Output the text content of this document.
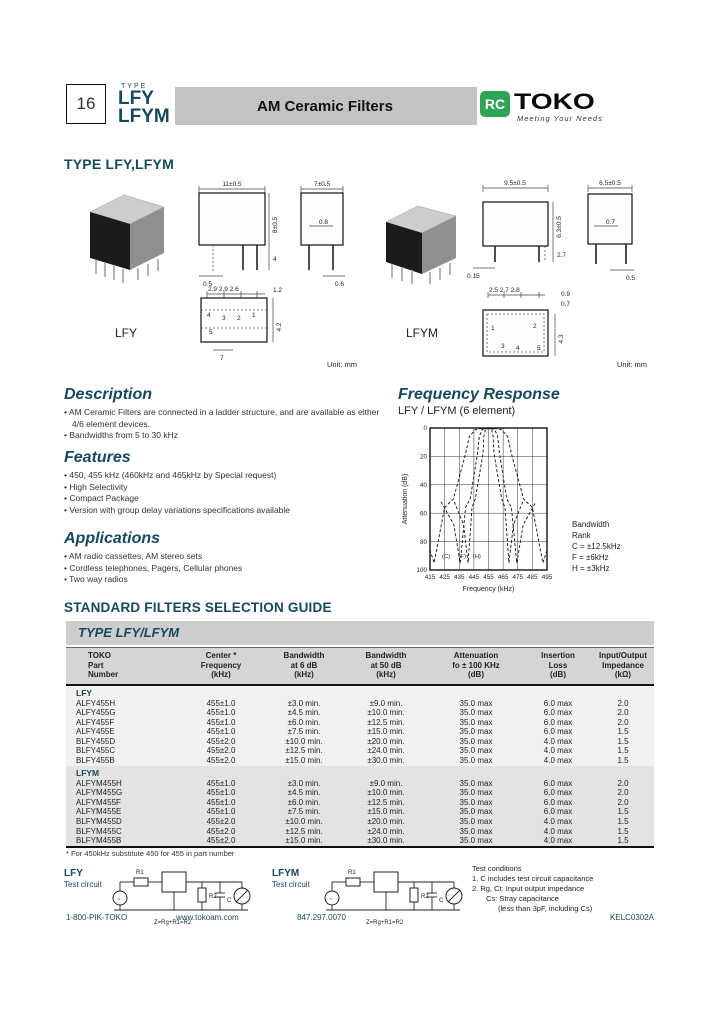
16
TYPE
LFY
LFYM	AM Ceramic Filters	RC TOKO
Meeting Your Needs
TYPE LFY,LFYM
LFY
11±0.5
8±0.5
4
0.5
7±0.5
0.8
0.6
2.9 2.9 2.6	1.2
4 3 2 1
5
4.2
7
Unit: mm
LFYM
9.5±0.5
6.3±0.5
2.7
0.15
6.5±0.5
0.7
0.5
2.5 2.7 2.8
0.9
0.7
1	2
3 4	5
4.3
Unit: mm
Description
• AM Ceramic Filters are connected in a ladder structure, and are available as either 4/6 element devices.
• Bandwidths from 5 to 30 kHz
Features
• 450, 455 kHz (460kHz and 465kHz by Special request)
• High Selectivity
• Compact Package
• Version with group delay variations specifications available
Applications
• AM radio cassettes, AM stereo sets
• Cordless telephones, Pagers, Cellular phones
• Two way radios
Frequency Response
LFY / LFYM (6 element)
415 425 435 445 455 465 475 485 495
0
20
40
60
80
100
(C) (F) (H)
Frequency (kHz)
Attenuation (dB)
Bandwidth
Rank
C = ±12.5kHz
F = ±6kHz
H = ±3kHz
STANDARD FILTERS SELECTION GUIDE
TYPE LFY/LFYM
TOKO
Part
Number
Center *
Frequency
(kHz)
Bandwidth
at 6 dB
(kHz)
Bandwidth
at 50 dB
(kHz)
Attenuation
fo ± 100 KHz
(dB)
Insertion
Loss
(dB)
Input/Output
Impedance
(kΩ)
LFY
ALFY455H	455±1.0	±3.0 min.	±9.0 min.	35.0 max	6.0 max	2.0
ALFY455G	455±1.0	±4.5 min.	±10.0 min.	35.0 max	6.0 max	2.0
ALFY455F	455±1.0	±6.0 min.	±12.5 min.	35.0 max	6.0 max	2.0
ALFY455E	455±1.0	±7.5 min.	±15.0 min.	35.0 max	6.0 max	1.5
BLFY455D	455±2.0	±10.0 min.	±20.0 min.	35.0 max	4.0 max	1.5
BLFY455C	455±2.0	±12.5 min.	±24.0 min.	35.0 max	4.0 max	1.5
BLFY455B	455±2.0	±15.0 min.	±30.0 min.	35.0 max	4.0 max	1.5
LFYM
ALFYM455H	455±1.0	±3.0 min.	±9.0 min.	35.0 max	6.0 max	2.0
ALFYM455G	455±1.0	±4.5 min.	±10.0 min.	35.0 max	6.0 max	2.0
ALFYM455F	455±1.0	±6.0 min.	±12.5 min.	35.0 max	6.0 max	2.0
ALFYM455E	455±1.0	±7.5 min.	±15.0 min.	35.0 max	6.0 max	1.5
BLFYM455D	455±2.0	±10.0 min.	±20.0 min.	35.0 max	4.0 max	1.5
BLFYM455C	455±2.0	±12.5 min.	±24.0 min.	35.0 max	4.0 max	1.5
BLFYM455B	455±2.0	±15.0 min.	±30.0 min.	35.0 max	4.0 max	1.5
* For 450kHz substitute 450 for 455 in part number
LFY
Test circuit
~
R1
R2
C
Z=Rg+R1=R2
LFYM
Test circuit
~
R1
R2
C
Z=Rg+R1=R2
Test conditions
1. C includes test circuit capacitance
2. Rg, Ct: Input output impedance
Cs: Stray capacitance
(less than 3pF, including Cs)
1-800-PIK-TOKO	www.tokoam.com	847.297.0070	KELC0302A
